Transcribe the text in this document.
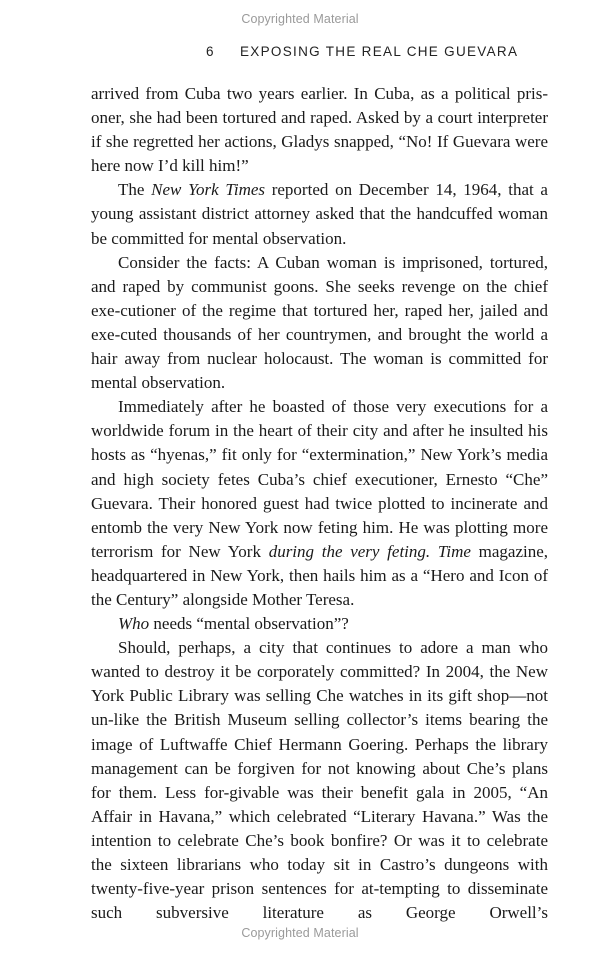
Copyrighted Material
6 EXPOSING THE REAL CHE GUEVARA

arrived from Cuba two years earlier. In Cuba, as a political pris-oner, she had been tortured and raped. Asked by a court interpreter if she regretted her actions, Gladys snapped, “No! If Guevara were here now I’d kill him!”

The New York Times reported on December 14, 1964, that a young assistant district attorney asked that the handcuffed woman be committed for mental observation.

Consider the facts: A Cuban woman is imprisoned, tortured, and raped by communist goons. She seeks revenge on the chief exe-cutioner of the regime that tortured her, raped her, jailed and exe-cuted thousands of her countrymen, and brought the world a hair away from nuclear holocaust. The woman is committed for mental observation.

Immediately after he boasted of those very executions for a worldwide forum in the heart of their city and after he insulted his hosts as “hyenas,” fit only for “extermination,” New York’s media and high society fetes Cuba’s chief executioner, Ernesto “Che” Guevara. Their honored guest had twice plotted to incinerate and entomb the very New York now feting him. He was plotting more terrorism for New York during the very feting. Time magazine, headquartered in New York, then hails him as a “Hero and Icon of the Century” alongside Mother Teresa.

Who needs “mental observation”?

Should, perhaps, a city that continues to adore a man who wanted to destroy it be corporately committed? In 2004, the New York Public Library was selling Che watches in its gift shop—not un-like the British Museum selling collector’s items bearing the image of Luftwaffe Chief Hermann Goering. Perhaps the library management can be forgiven for not knowing about Che’s plans for them. Less for-givable was their benefit gala in 2005, “An Affair in Havana,” which celebrated “Literary Havana.” Was the intention to celebrate Che’s book bonfire? Or was it to celebrate the sixteen librarians who today sit in Castro’s dungeons with twenty-five-year prison sentences for at-tempting to disseminate such subversive literature as George Orwell’s

Copyrighted Material
